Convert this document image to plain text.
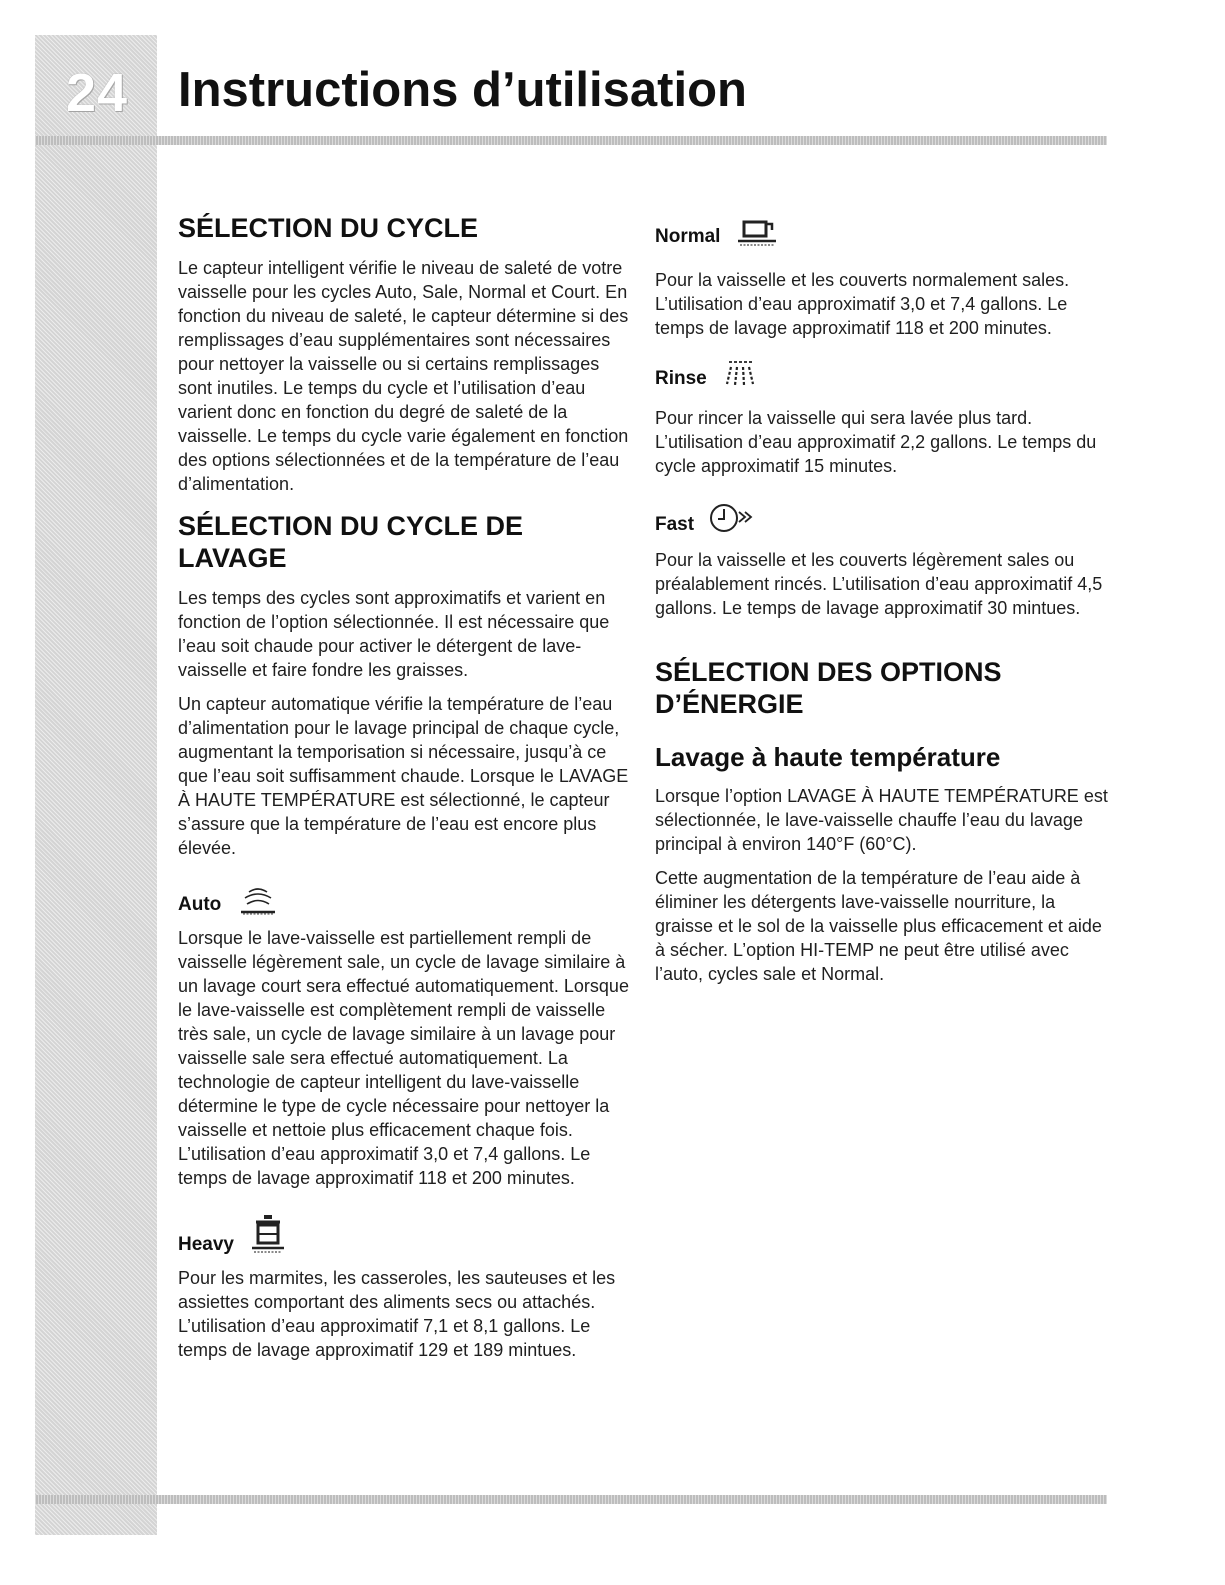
24	Instructions d’utilisation
SÉLECTION DU CYCLE

Le capteur intelligent vérifie le niveau de saleté de votre vaisselle pour les cycles Auto, Sale, Normal et Court. En fonction du niveau de saleté, le capteur détermine si des remplissages d’eau supplémentaires sont nécessaires pour nettoyer la vaisselle ou si certains remplissages sont inutiles. Le temps du cycle et l’utilisation d’eau varient donc en fonction du degré de saleté de la vaisselle. Le temps du cycle varie également en fonction des options sélectionnées et de la température de l’eau d’alimentation.

SÉLECTION DU CYCLE DE LAVAGE

Les temps des cycles sont approximatifs et varient en fonction de l’option sélectionnée. Il est nécessaire que l’eau soit chaude pour activer le détergent de lave-vaisselle et faire fondre les graisses.

Un capteur automatique vérifie la température de l’eau d’alimentation pour le lavage principal de chaque cycle, augmentant la temporisation si nécessaire, jusqu’à ce que l’eau soit suffisamment chaude. Lorsque le LAVAGE À HAUTE TEMPÉRATURE est sélectionné, le capteur s’assure que la température de l’eau est encore plus élevée.

Auto

Lorsque le lave-vaisselle est partiellement rempli de vaisselle légèrement sale, un cycle de lavage similaire à un lavage court sera effectué automatiquement. Lorsque le lave-vaisselle est complètement rempli de vaisselle très sale, un cycle de lavage similaire à un lavage pour vaisselle sale sera effectué automatiquement. La technologie de capteur intelligent du lave-vaisselle détermine le type de cycle nécessaire pour nettoyer la vaisselle et nettoie plus efficacement chaque fois. L’utilisation d’eau approximatif 3,0 et 7,4 gallons. Le temps de lavage approximatif 118 et 200 minutes.

Heavy

Pour les marmites, les casseroles, les sauteuses et les assiettes comportant des aliments secs ou attachés. L’utilisation d’eau approximatif 7,1 et 8,1 gallons. Le temps de lavage approximatif 129 et 189 mintues.

Normal

Pour la vaisselle et les couverts normalement sales. L’utilisation d’eau approximatif 3,0 et 7,4 gallons. Le temps de lavage approximatif 118 et 200 minutes.

Rinse

Pour rincer la vaisselle qui sera lavée plus tard. L’utilisation d’eau approximatif 2,2 gallons. Le temps du cycle approximatif 15 minutes.

Fast

Pour la vaisselle et les couverts légèrement sales ou préalablement rincés. L’utilisation d’eau approximatif 4,5 gallons. Le temps de lavage approximatif 30 mintues.

SÉLECTION DES OPTIONS D’ÉNERGIE
Lavage à haute température

Lorsque l’option LAVAGE À HAUTE TEMPÉRATURE est sélectionnée, le lave-vaisselle chauffe l’eau du lavage principal à environ 140°F (60°C).

Cette augmentation de la température de l’eau aide à éliminer les détergents lave-vaisselle nourriture, la graisse et le sol de la vaisselle plus efficacement et aide à sécher. L’option HI-TEMP ne peut être utilisé avec l’auto, cycles sale et Normal.
